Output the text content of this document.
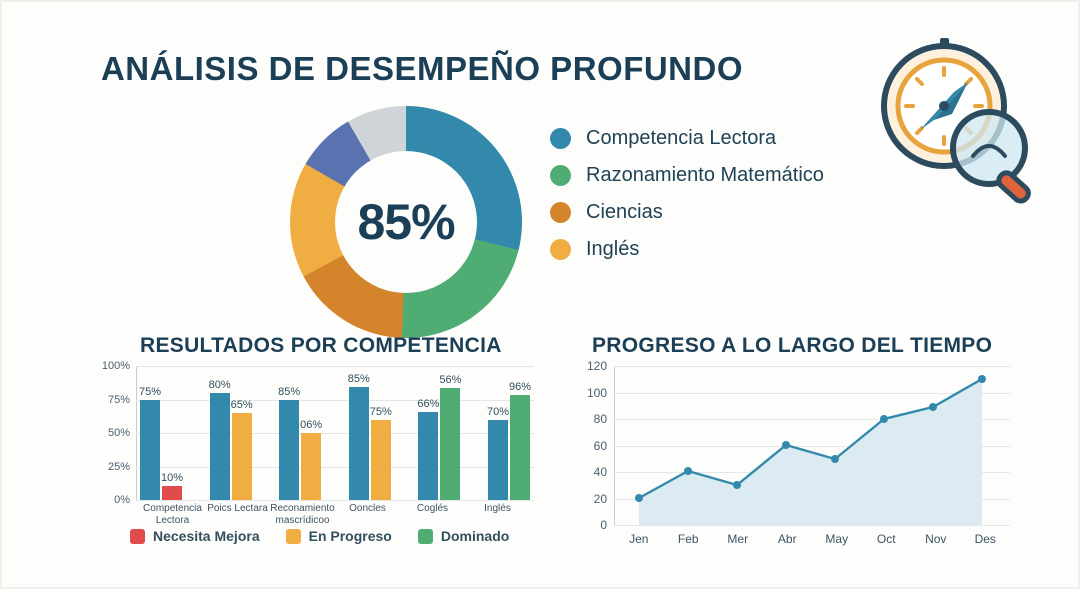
ANÁLISIS DE DESEMPEÑO PROFUNDO
85%
Competencia Lectora
Razonamiento Matemático
Ciencias
Inglés
RESULTADOS POR COMPETENCIA
100%
75%
50%
25%
0%
75%
10%
80%
65%
85%
06%
85%
75%
66%
56%
70%
96%
Competencia Lectora
Poics Lectara Reconamiento mascrídicoo
Ooncles	Coglés	Inglés
Necesita Mejora	En Progreso	Dominado
PROGRESO A LO LARGO DEL TIEMPO
120
100
80
60
40
20
0
Jen	Feb	Mer	Abr	May	Oct	Nov	Des
